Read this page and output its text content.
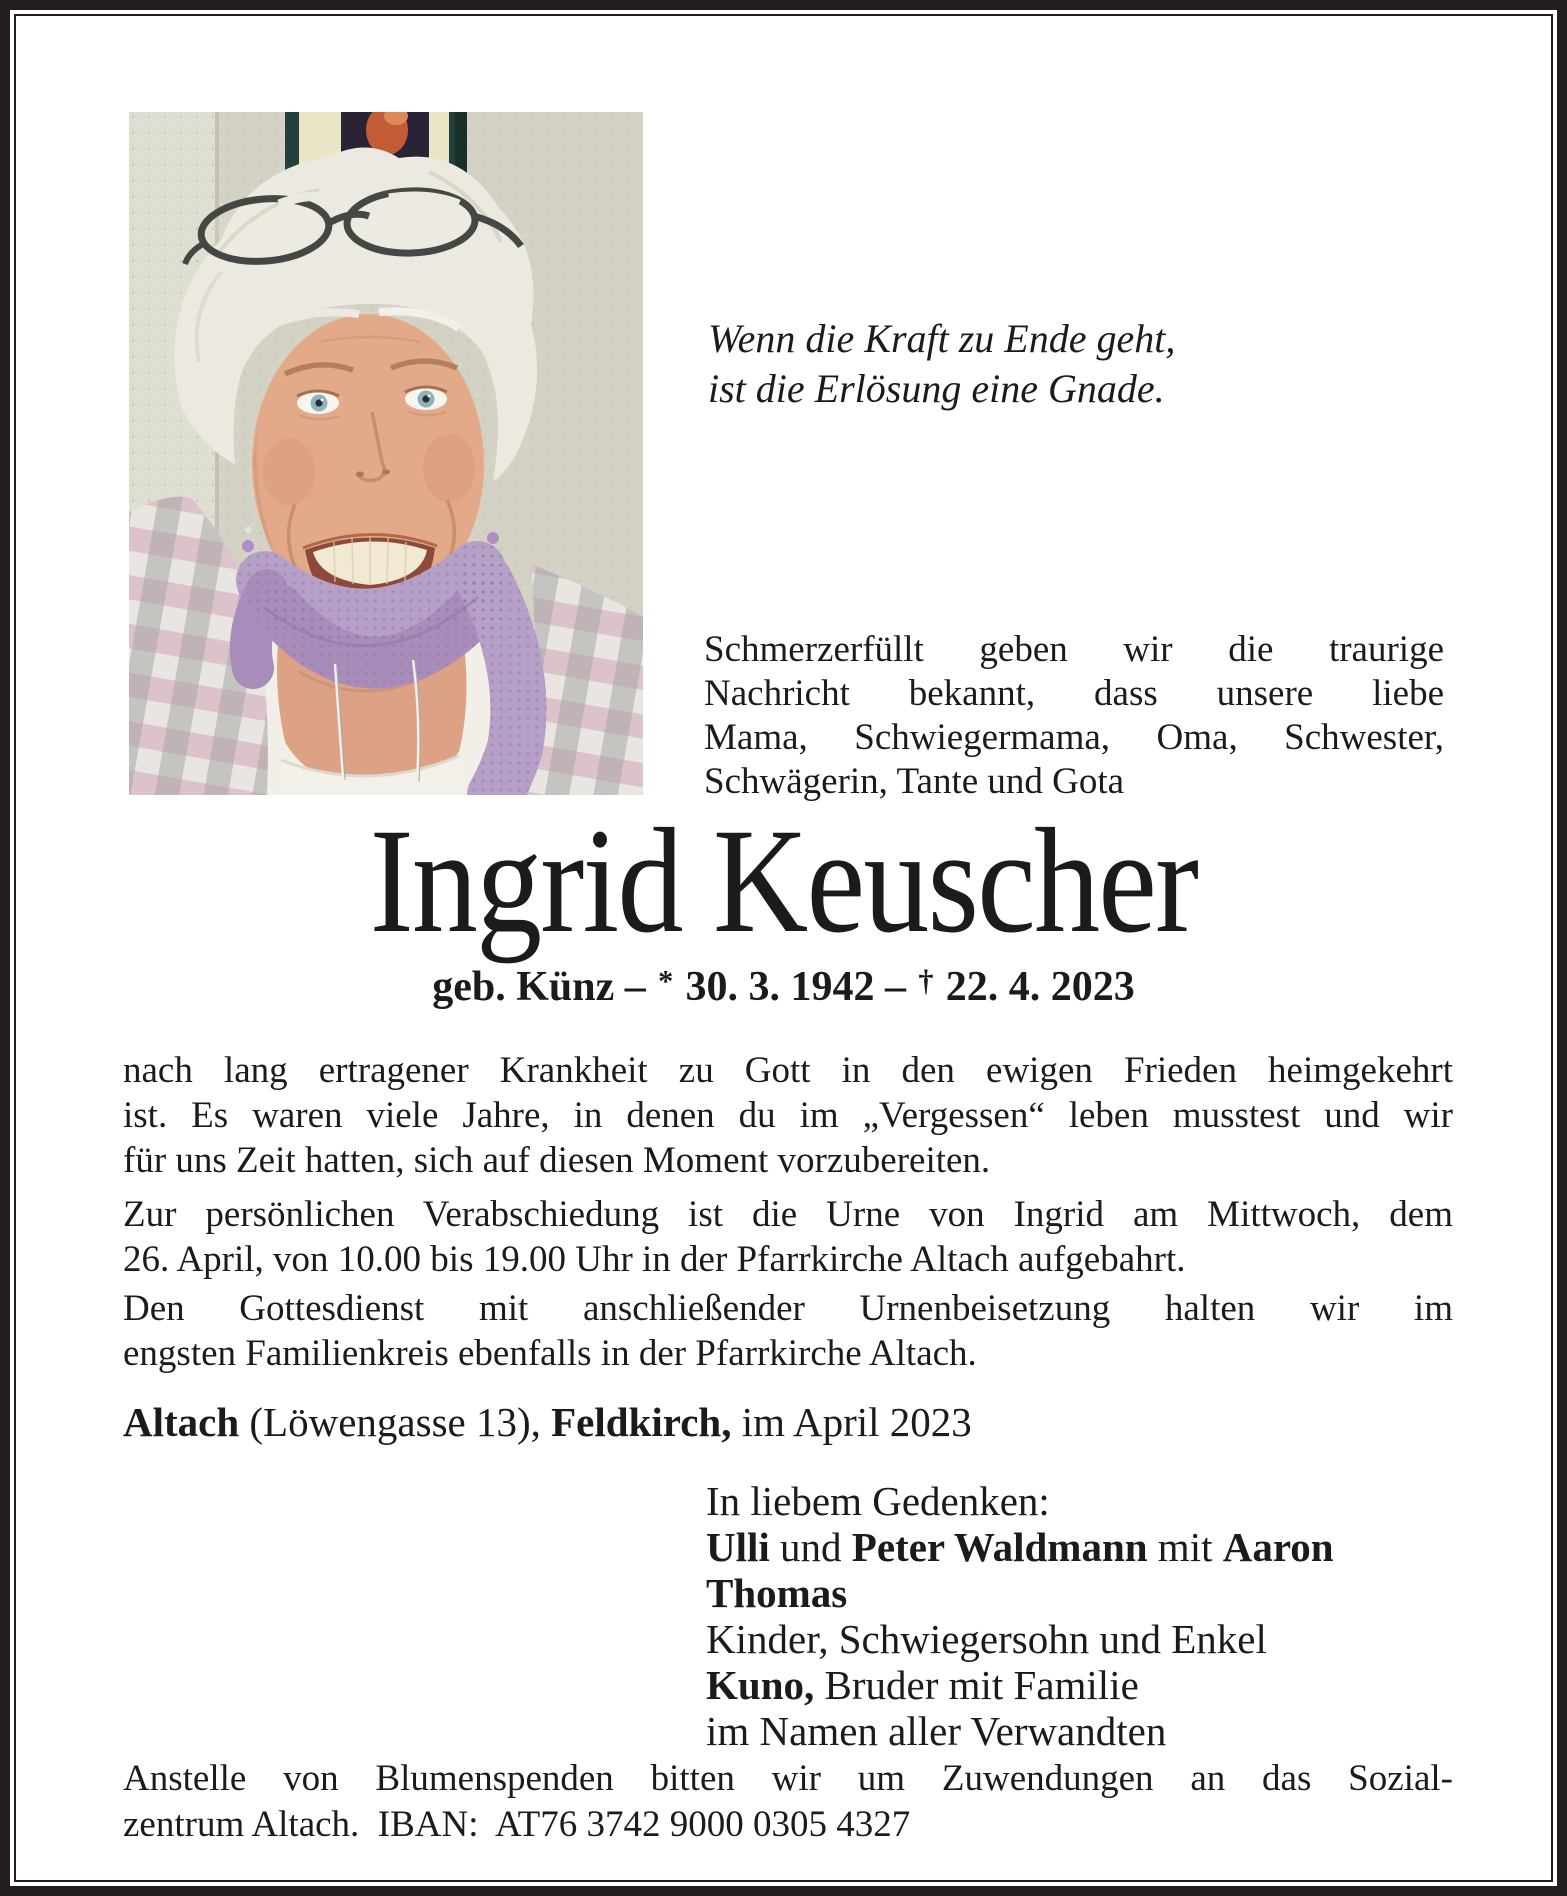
Wenn die Kraft zu Ende geht,
ist die Erlösung eine Gnade.
Schmerzerfüllt geben wir die traurige
Nachricht bekannt, dass unsere liebe
Mama, Schwiegermama, Oma, Schwester,
Schwägerin, Tante und Gota
Ingrid Keuscher
geb. Künz – * 30. 3. 1942 – † 22. 4. 2023
nach lang ertragener Krankheit zu Gott in den ewigen Frieden heimgekehrt
ist. Es waren viele Jahre, in denen du im „Vergessen“ leben musstest und wir
für uns Zeit hatten, sich auf diesen Moment vorzubereiten.
Zur persönlichen Verabschiedung ist die Urne von Ingrid am Mittwoch, dem
26. April, von 10.00 bis 19.00 Uhr in der Pfarrkirche Altach aufgebahrt.
Den Gottesdienst mit anschließender Urnenbeisetzung halten wir im
engsten Familienkreis ebenfalls in der Pfarrkirche Altach.
Altach (Löwengasse 13), Feldkirch, im April 2023
In liebem Gedenken:
Ulli und Peter Waldmann mit Aaron
Thomas
Kinder, Schwiegersohn und Enkel
Kuno, Bruder mit Familie
im Namen aller Verwandten
Anstelle von Blumenspenden bitten wir um Zuwendungen an das Sozial-
zentrum Altach.  IBAN:  AT76 3742 9000 0305 4327
